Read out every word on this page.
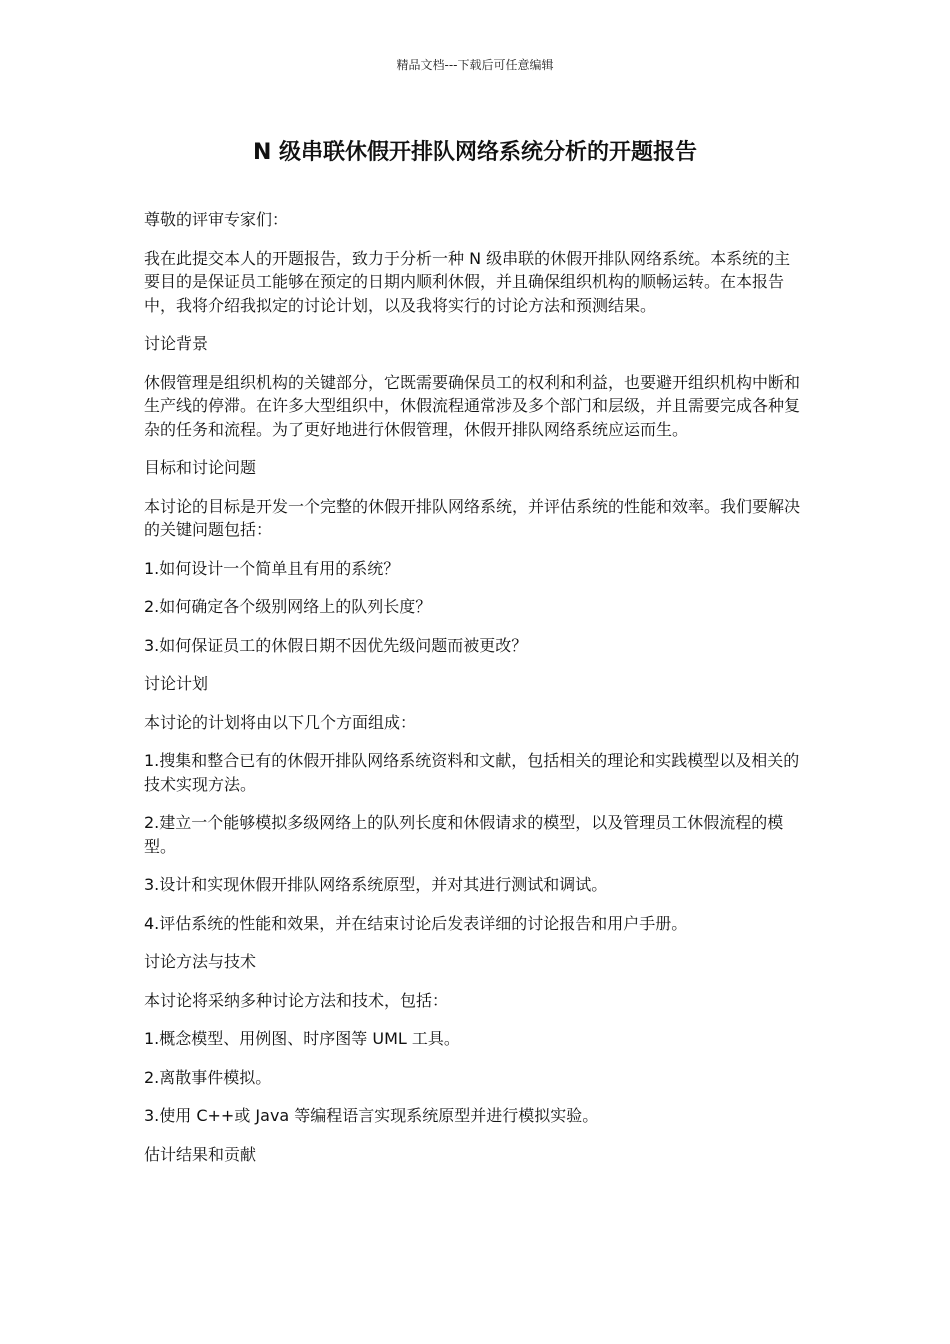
精品文档---下载后可任意编辑
N 级串联休假开排队网络系统分析的开题报告

尊敬的评审专家们：

我在此提交本人的开题报告，致力于分析一种 N 级串联的休假开排队网络系统。本系统的主要目的是保证员工能够在预定的日期内顺利休假，并且确保组织机构的顺畅运转。在本报告中，我将介绍我拟定的讨论计划，以及我将实行的讨论方法和预测结果。

讨论背景

休假管理是组织机构的关键部分，它既需要确保员工的权利和利益，也要避开组织机构中断和生产线的停滞。在许多大型组织中，休假流程通常涉及多个部门和层级，并且需要完成各种复杂的任务和流程。为了更好地进行休假管理，休假开排队网络系统应运而生。

目标和讨论问题

本讨论的目标是开发一个完整的休假开排队网络系统，并评估系统的性能和效率。我们要解决的关键问题包括：

1.如何设计一个简单且有用的系统？

2.如何确定各个级别网络上的队列长度？

3.如何保证员工的休假日期不因优先级问题而被更改？

讨论计划

本讨论的计划将由以下几个方面组成：

1.搜集和整合已有的休假开排队网络系统资料和文献，包括相关的理论和实践模型以及相关的技术实现方法。

2.建立一个能够模拟多级网络上的队列长度和休假请求的模型，以及管理员工休假流程的模型。

3.设计和实现休假开排队网络系统原型，并对其进行测试和调试。

4.评估系统的性能和效果，并在结束讨论后发表详细的讨论报告和用户手册。

讨论方法与技术

本讨论将采纳多种讨论方法和技术，包括：

1.概念模型、用例图、时序图等 UML 工具。

2.离散事件模拟。

3.使用 C++或 Java 等编程语言实现系统原型并进行模拟实验。

估计结果和贡献
